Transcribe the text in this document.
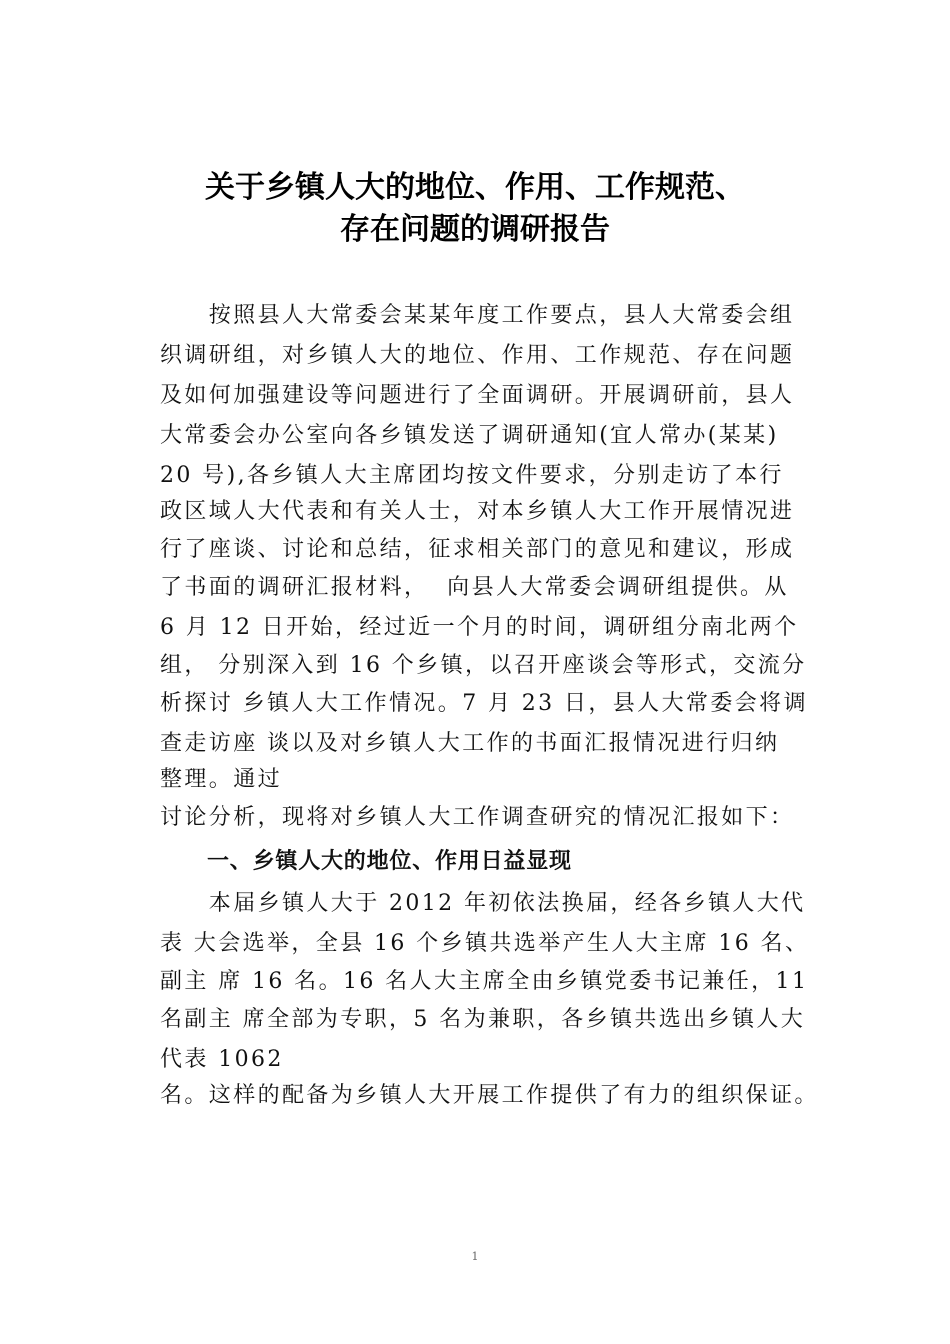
关于乡镇人大的地位、作用、工作规范、
存在问题的调研报告
　　按照县人大常委会某某年度工作要点，县人大常委会组
织调研组，对乡镇人大的地位、作用、工作规范、存在问题
及如何加强建设等问题进行了全面调研。开展调研前，县人
大常委会办公室向各乡镇发送了调研通知(宜人常办(某某)
20 号),各乡镇人大主席团均按文件要求，分别走访了本行
政区域人大代表和有关人士，对本乡镇人大工作开展情况进
行了座谈、讨论和总结，征求相关部门的意见和建议，形成
了书面的调研汇报材料，  向县人大常委会调研组提供。从
6 月 12 日开始，经过近一个月的时间，调研组分南北两个
组， 分别深入到 16 个乡镇，以召开座谈会等形式，交流分
析探讨 乡镇人大工作情况。7 月 23 日，县人大常委会将调
查走访座 谈以及对乡镇人大工作的书面汇报情况进行归纳
整理。通过
讨论分析，现将对乡镇人大工作调查研究的情况汇报如下：
一、乡镇人大的地位、作用日益显现
　　本届乡镇人大于 2012 年初依法换届，经各乡镇人大代
表 大会选举，全县 16 个乡镇共选举产生人大主席 16 名、
副主 席 16 名。16 名人大主席全由乡镇党委书记兼任，11
名副主 席全部为专职，5 名为兼职，各乡镇共选出乡镇人大
代表 1062
名。这样的配备为乡镇人大开展工作提供了有力的组织保证。
1
